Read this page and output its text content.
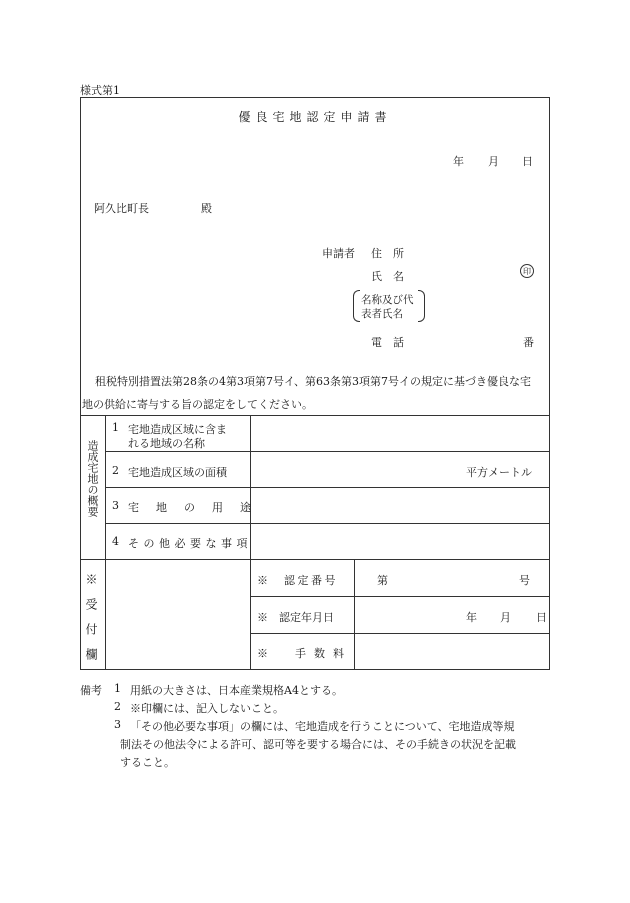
様式第1
優良宅地認定申請書
年 月 日
阿久比町長	殿
申請者 住　所
氏　名	印
名称及び代
表者氏名
電　話	番
租税特別措置法第28条の4第3項第7号イ、第63条第3項第7号イの規定に基づき優良な宅
地の供給に寄与する旨の認定をしてください。
造成宅地の概要
1 宅地造成区域に含ま
れる地域の名称
2 宅地造成区域の面積	平方メートル
3 宅地の用途
4 その他必要な事項
※受付欄	※　認定番号	第	号
※　認定年月日	年 月 日
※　手数料
備考 1 用紙の大きさは、日本産業規格A4とする。
2 ※印欄には、記入しないこと。
3 「その他必要な事項」の欄には、宅地造成を行うことについて、宅地造成等規
制法その他法令による許可、認可等を要する場合には、その手続きの状況を記載
すること。
